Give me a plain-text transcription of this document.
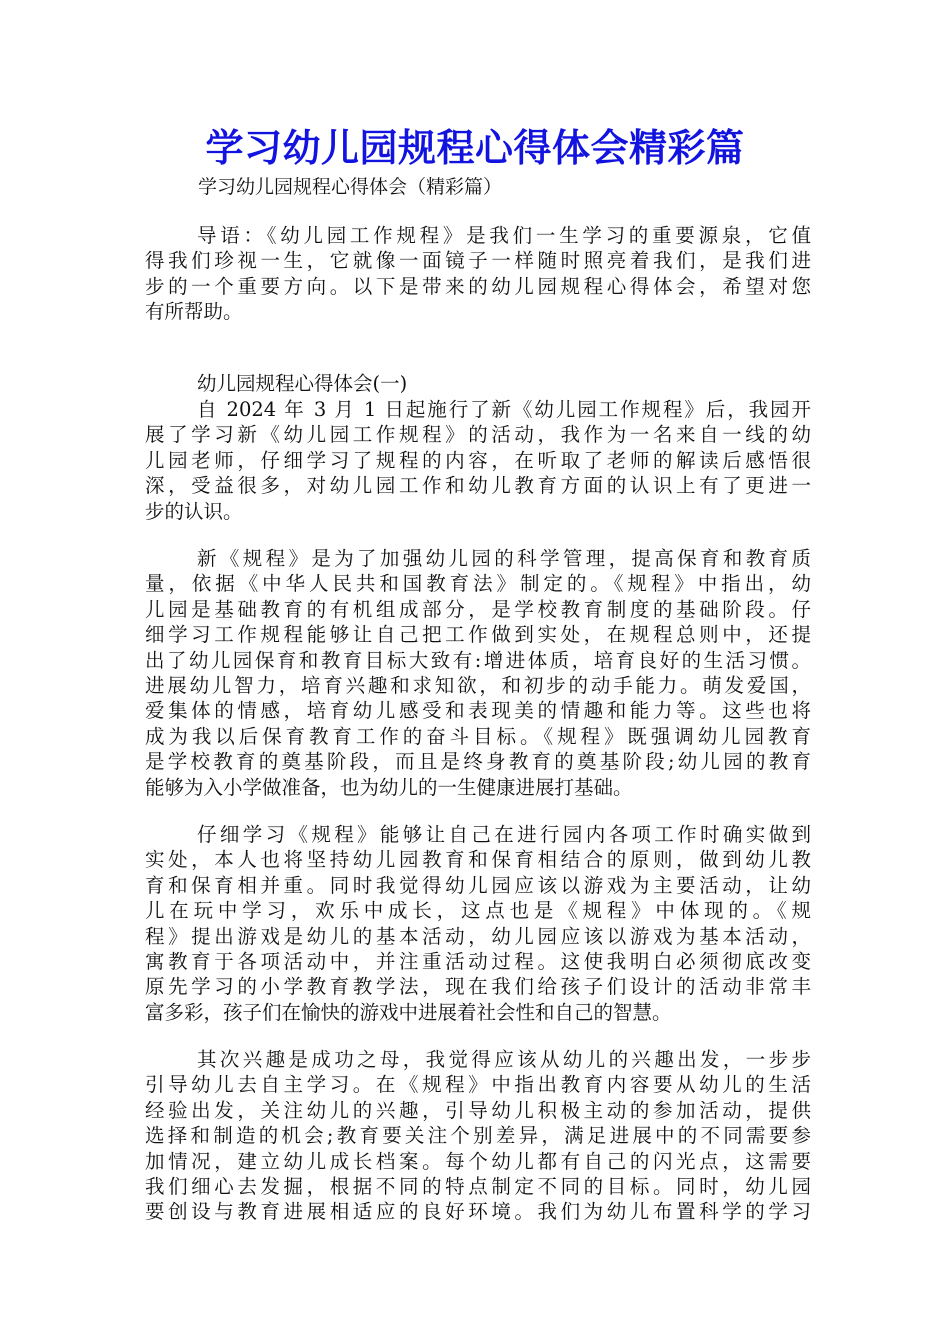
学习幼儿园规程心得体会精彩篇
学习幼儿园规程心得体会（精彩篇）
导语：《幼儿园工作规程》是我们一生学习的重要源泉，它值
得我们珍视一生，它就像一面镜子一样随时照亮着我们，是我们进
步的一个重要方向。以下是带来的幼儿园规程心得体会，希望对您
有所帮助。
幼儿园规程心得体会(一)
自 2024 年 3 月 1 日起施行了新《幼儿园工作规程》后，我园开
展了学习新《幼儿园工作规程》的活动，我作为一名来自一线的幼
儿园老师，仔细学习了规程的内容，在听取了老师的解读后感悟很
深，受益很多，对幼儿园工作和幼儿教育方面的认识上有了更进一
步的认识。
新《规程》是为了加强幼儿园的科学管理，提高保育和教育质
量，依据《中华人民共和国教育法》制定的。《规程》中指出，幼
儿园是基础教育的有机组成部分，是学校教育制度的基础阶段。仔
细学习工作规程能够让自己把工作做到实处，在规程总则中，还提
出了幼儿园保育和教育目标大致有:增进体质，培育良好的生活习惯。
进展幼儿智力，培育兴趣和求知欲，和初步的动手能力。萌发爱国，
爱集体的情感，培育幼儿感受和表现美的情趣和能力等。这些也将
成为我以后保育教育工作的奋斗目标。《规程》既强调幼儿园教育
是学校教育的奠基阶段，而且是终身教育的奠基阶段;幼儿园的教育
能够为入小学做准备，也为幼儿的一生健康进展打基础。
仔细学习《规程》能够让自己在进行园内各项工作时确实做到
实处，本人也将坚持幼儿园教育和保育相结合的原则，做到幼儿教
育和保育相并重。同时我觉得幼儿园应该以游戏为主要活动，让幼
儿在玩中学习，欢乐中成长，这点也是《规程》中体现的。《规
程》提出游戏是幼儿的基本活动，幼儿园应该以游戏为基本活动，
寓教育于各项活动中，并注重活动过程。这使我明白必须彻底改变
原先学习的小学教育教学法，现在我们给孩子们设计的活动非常丰
富多彩，孩子们在愉快的游戏中进展着社会性和自己的智慧。
其次兴趣是成功之母，我觉得应该从幼儿的兴趣出发，一步步
引导幼儿去自主学习。在《规程》中指出教育内容要从幼儿的生活
经验出发，关注幼儿的兴趣，引导幼儿积极主动的参加活动，提供
选择和制造的机会;教育要关注个别差异，满足进展中的不同需要参
加情况，建立幼儿成长档案。每个幼儿都有自己的闪光点，这需要
我们细心去发掘，根据不同的特点制定不同的目标。同时，幼儿园
要创设与教育进展相适应的良好环境。我们为幼儿布置科学的学习
